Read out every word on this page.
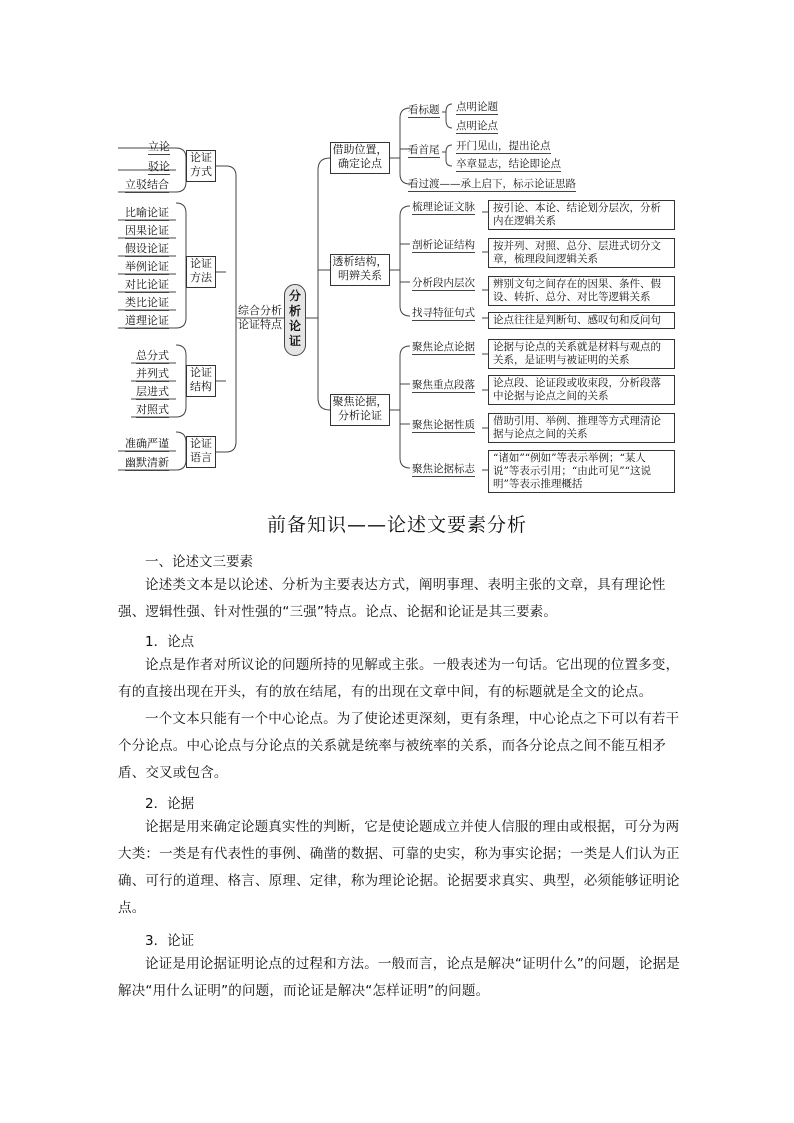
立论
驳论
立驳结合
比喻论证
因果论证
假设论证
举例论证
对比论证
类比论证
道理论证
总分式
并列式
层进式
对照式
准确严谨
幽默清新
论证
方式
论证
方法
论证
结构
论证
语言
综合分析
论证特点
分
析
论
证
借助位置，
确定论点
透析结构，
明辨关系
聚焦论据，
分析论证
看标题 点明论题
点明论点
看首尾 开门见山，提出论点
卒章显志，结论即论点
看过渡——承上启下，标示论证思路
梳理论证文脉	按引论、本论、结论划分层次，分析内在逻辑关系
剖析论证结构	按并列、对照、总分、层进式切分文章，梳理段间逻辑关系
分析段内层次	辨别文句之间存在的因果、条件、假设、转折、总分、对比等逻辑关系
找寻特征句式
论点往往是判断句、感叹句和反问句
聚焦论点论据	论据与论点的关系就是材料与观点的关系，是证明与被证明的关系
聚焦重点段落	论点段、论证段或收束段，分析段落中论据与论点之间的关系
聚焦论据性质	借助引用、举例、推理等方式理清论据与论点之间的关系
聚焦论据标志
“诸如”“例如”等表示举例；“某人说”等表示引用；“由此可见”“这说明”等表示推理概括
前备知识——论述文要素分析
一、论述文三要素
论述类文本是以论述、分析为主要表达方式，阐明事理、表明主张的文章，具有理论性强、逻辑性强、针对性强的“三强”特点。论点、论据和论证是其三要素。
1．论点
论点是作者对所议论的问题所持的见解或主张。一般表述为一句话。它出现的位置多变，有的直接出现在开头，有的放在结尾，有的出现在文章中间，有的标题就是全文的论点。
一个文本只能有一个中心论点。为了使论述更深刻，更有条理，中心论点之下可以有若干个分论点。中心论点与分论点的关系就是统率与被统率的关系，而各分论点之间不能互相矛盾、交叉或包含。
2．论据
论据是用来确定论题真实性的判断，它是使论题成立并使人信服的理由或根据，可分为两大类：一类是有代表性的事例、确凿的数据、可靠的史实，称为事实论据；一类是人们认为正确、可行的道理、格言、原理、定律，称为理论论据。论据要求真实、典型，必须能够证明论点。
3．论证
论证是用论据证明论点的过程和方法。一般而言，论点是解决“证明什么”的问题，论据是解决“用什么证明”的问题，而论证是解决“怎样证明”的问题。
